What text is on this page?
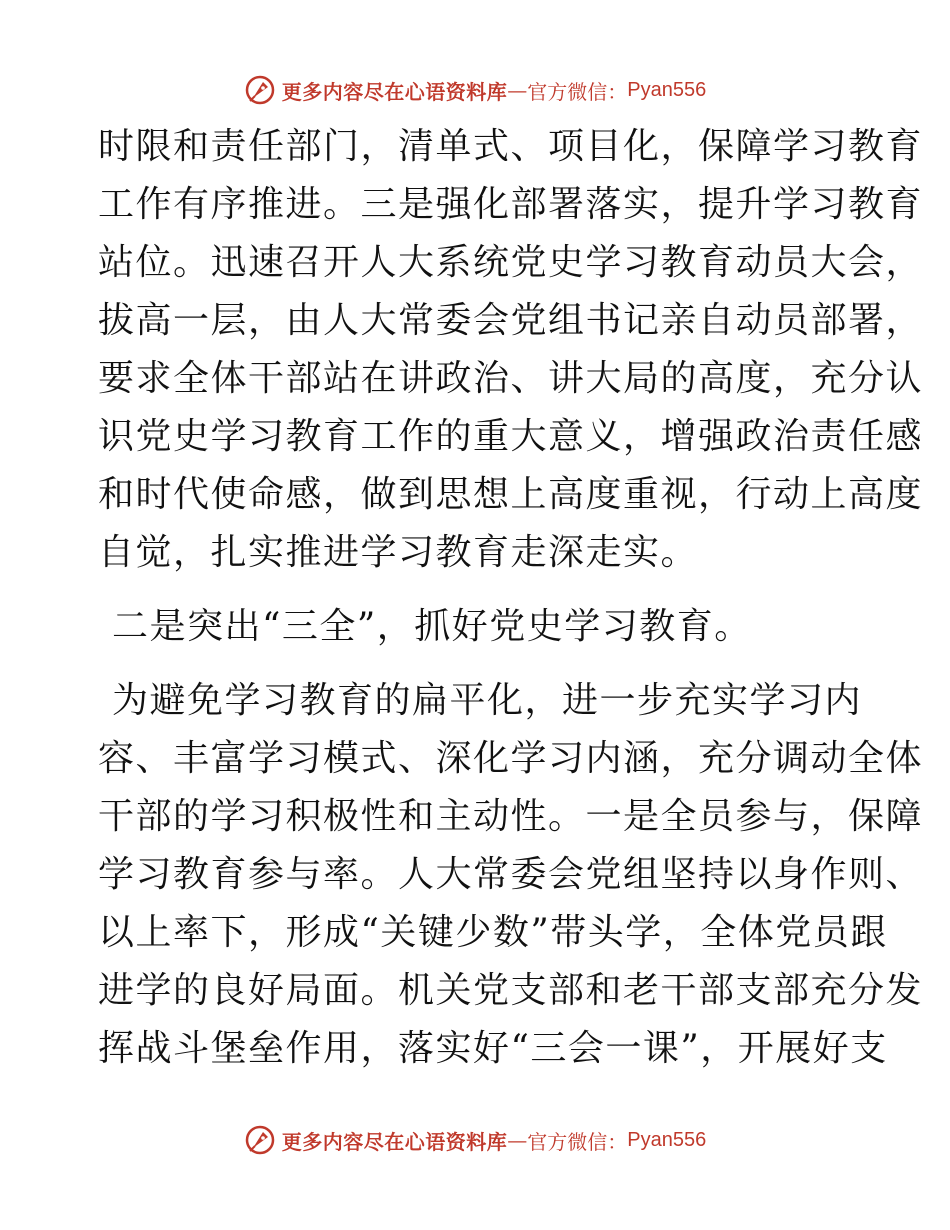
更多内容尽在心语资料库 — 官方微信： Pyan556
时限和责任部门，清单式、项目化，保障学习教育
工作有序推进。三是强化部署落实，提升学习教育
站位。迅速召开人大系统党史学习教育动员大会，
拔高一层，由人大常委会党组书记亲自动员部署，
要求全体干部站在讲政治、讲大局的高度，充分认
识党史学习教育工作的重大意义，增强政治责任感
和时代使命感，做到思想上高度重视，行动上高度
自觉，扎实推进学习教育走深走实。
二是突出“三全”，抓好党史学习教育。
为避免学习教育的扁平化，进一步充实学习内
容、丰富学习模式、深化学习内涵，充分调动全体
干部的学习积极性和主动性。一是全员参与，保障
学习教育参与率。人大常委会党组坚持以身作则、
以上率下，形成“关键少数”带头学，全体党员跟
进学的良好局面。机关党支部和老干部支部充分发
挥战斗堡垒作用，落实好“三会一课”，开展好支
更多内容尽在心语资料库 — 官方微信： Pyan556
